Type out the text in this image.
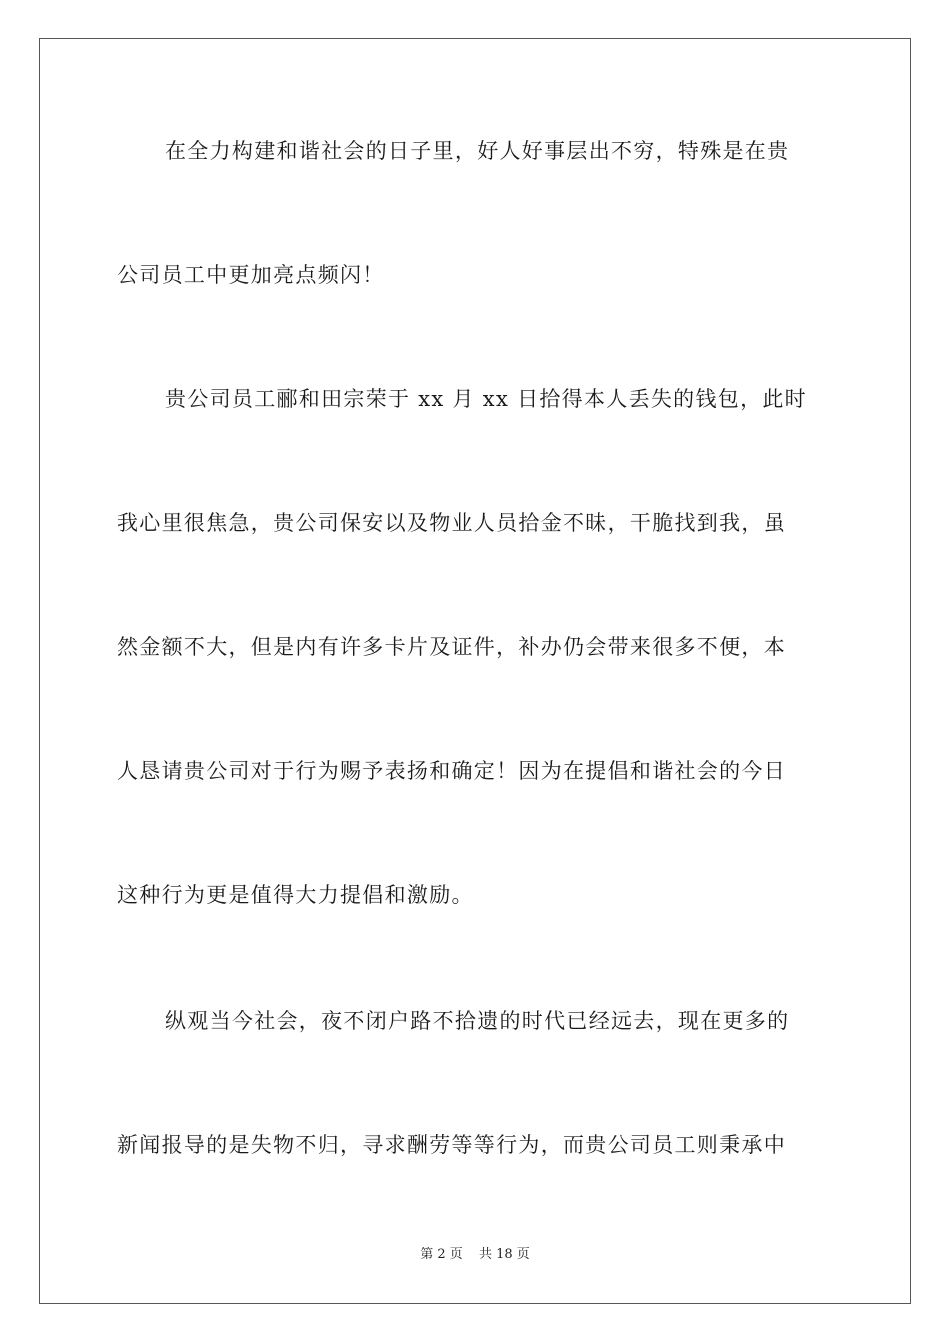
在全力构建和谐社会的日子里，好人好事层出不穷，特殊是在贵
公司员工中更加亮点频闪！
贵公司员工郦和田宗荣于 xx 月 xx 日拾得本人丢失的钱包，此时
我心里很焦急，贵公司保安以及物业人员拾金不昧，干脆找到我，虽
然金额不大，但是内有许多卡片及证件，补办仍会带来很多不便，本
人恳请贵公司对于行为赐予表扬和确定！因为在提倡和谐社会的今日
这种行为更是值得大力提倡和激励。
纵观当今社会，夜不闭户路不拾遗的时代已经远去，现在更多的
新闻报导的是失物不归，寻求酬劳等等行为，而贵公司员工则秉承中
第 2 页 共 18 页
